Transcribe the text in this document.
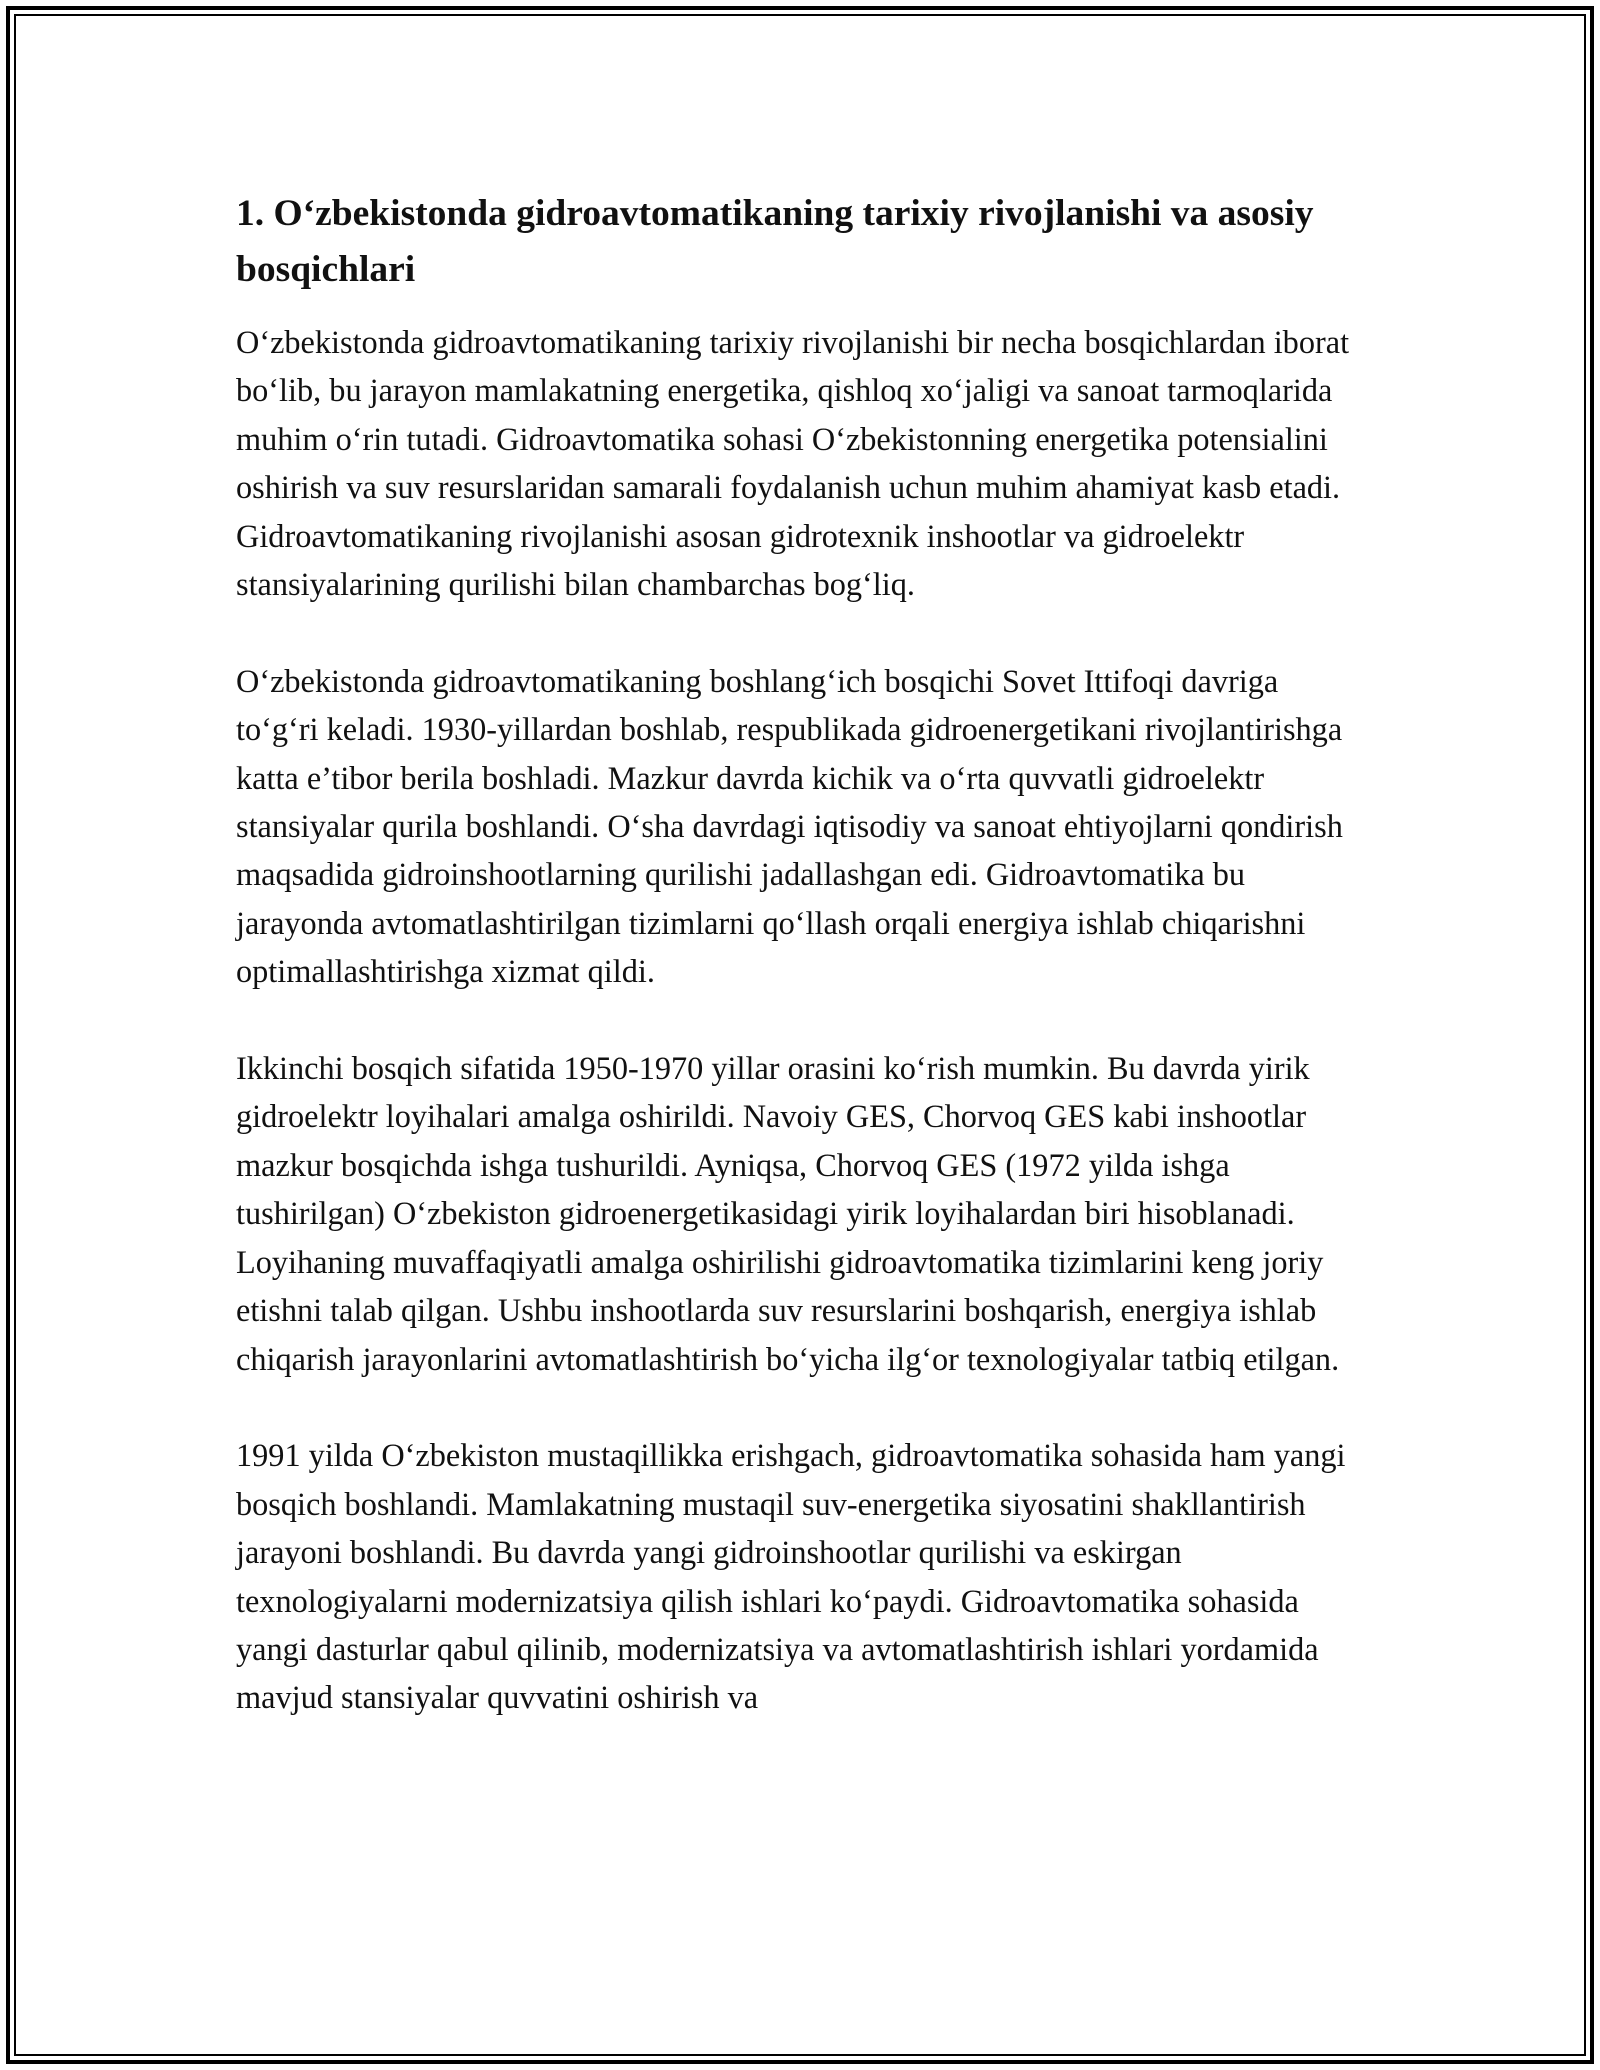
1. O‘zbekistonda gidroavtomatikaning tarixiy rivojlanishi va asosiy bosqichlari

O‘zbekistonda gidroavtomatikaning tarixiy rivojlanishi bir necha bosqichlardan iborat bo‘lib, bu jarayon mamlakatning energetika, qishloq xo‘jaligi va sanoat tarmoqlarida muhim o‘rin tutadi. Gidroavtomatika sohasi O‘zbekistonning energetika potensialini oshirish va suv resurslaridan samarali foydalanish uchun muhim ahamiyat kasb etadi. Gidroavtomatikaning rivojlanishi asosan gidrotexnik inshootlar va gidroelektr stansiyalarining qurilishi bilan chambarchas bog‘liq.

O‘zbekistonda gidroavtomatikaning boshlang‘ich bosqichi Sovet Ittifoqi davriga to‘g‘ri keladi. 1930-yillardan boshlab, respublikada gidroenergetikani rivojlantirishga katta e’tibor berila boshladi. Mazkur davrda kichik va o‘rta quvvatli gidroelektr stansiyalar qurila boshlandi. O‘sha davrdagi iqtisodiy va sanoat ehtiyojlarni qondirish maqsadida gidroinshootlarning qurilishi jadallashgan edi. Gidroavtomatika bu jarayonda avtomatlashtirilgan tizimlarni qo‘llash orqali energiya ishlab chiqarishni optimallashtirishga xizmat qildi.

Ikkinchi bosqich sifatida 1950-1970 yillar orasini ko‘rish mumkin. Bu davrda yirik gidroelektr loyihalari amalga oshirildi. Navoiy GES, Chorvoq GES kabi inshootlar mazkur bosqichda ishga tushurildi. Ayniqsa, Chorvoq GES (1972 yilda ishga tushirilgan) O‘zbekiston gidroenergetikasidagi yirik loyihalardan biri hisoblanadi. Loyihaning muvaffaqiyatli amalga oshirilishi gidroavtomatika tizimlarini keng joriy etishni talab qilgan. Ushbu inshootlarda suv resurslarini boshqarish, energiya ishlab chiqarish jarayonlarini avtomatlashtirish bo‘yicha ilg‘or texnologiyalar tatbiq etilgan.

1991 yilda O‘zbekiston mustaqillikka erishgach, gidroavtomatika sohasida ham yangi bosqich boshlandi. Mamlakatning mustaqil suv-energetika siyosatini shakllantirish jarayoni boshlandi. Bu davrda yangi gidroinshootlar qurilishi va eskirgan texnologiyalarni modernizatsiya qilish ishlari ko‘paydi. Gidroavtomatika sohasida yangi dasturlar qabul qilinib, modernizatsiya va avtomatlashtirish ishlari yordamida mavjud stansiyalar quvvatini oshirish va
